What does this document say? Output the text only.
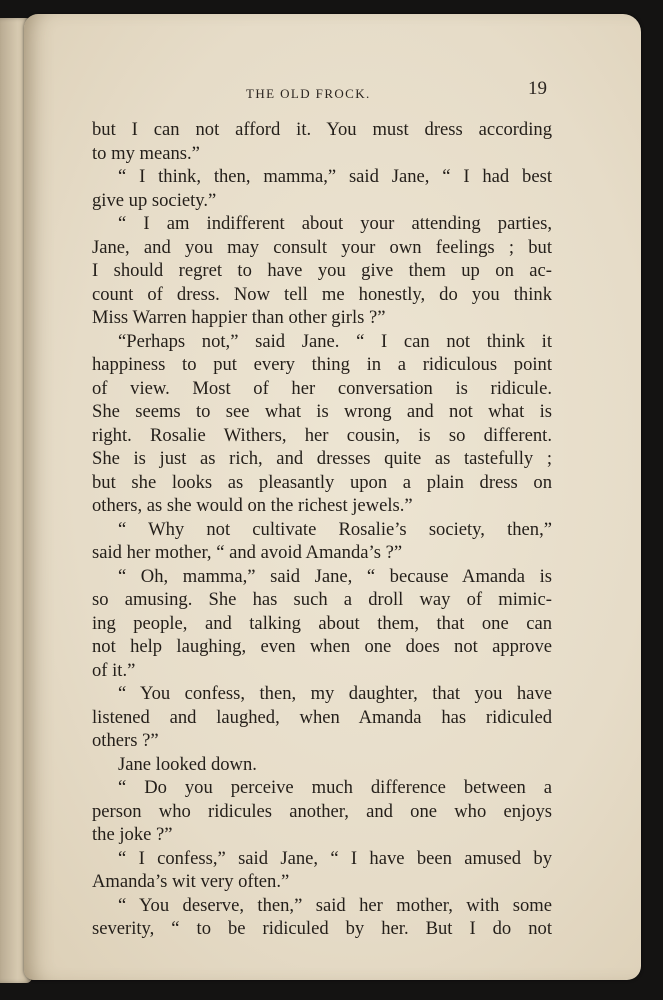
THE OLD FROCK.	19
but I can not afford it. You must dress according
to my means.”
“ I think, then, mamma,” said Jane, “ I had best
give up society.”
“ I am indifferent about your attending parties,
Jane, and you may consult your own feelings ; but
I should regret to have you give them up on ac-
count of dress. Now tell me honestly, do you think
Miss Warren happier than other girls ?”
“Perhaps not,” said Jane. “ I can not think it
happiness to put every thing in a ridiculous point
of view. Most of her conversation is ridicule.
She seems to see what is wrong and not what is
right. Rosalie Withers, her cousin, is so different.
She is just as rich, and dresses quite as tastefully ;
but she looks as pleasantly upon a plain dress on
others, as she would on the richest jewels.”
“ Why not cultivate Rosalie’s society, then,”
said her mother, “ and avoid Amanda’s ?”
“ Oh, mamma,” said Jane, “ because Amanda is
so amusing. She has such a droll way of mimic-
ing people, and talking about them, that one can
not help laughing, even when one does not approve
of it.”
“ You confess, then, my daughter, that you have
listened and laughed, when Amanda has ridiculed
others ?”
Jane looked down.
“ Do you perceive much difference between a
person who ridicules another, and one who enjoys
the joke ?”
“ I confess,” said Jane, “ I have been amused by
Amanda’s wit very often.”
“ You deserve, then,” said her mother, with some
severity, “ to be ridiculed by her. But I do not
